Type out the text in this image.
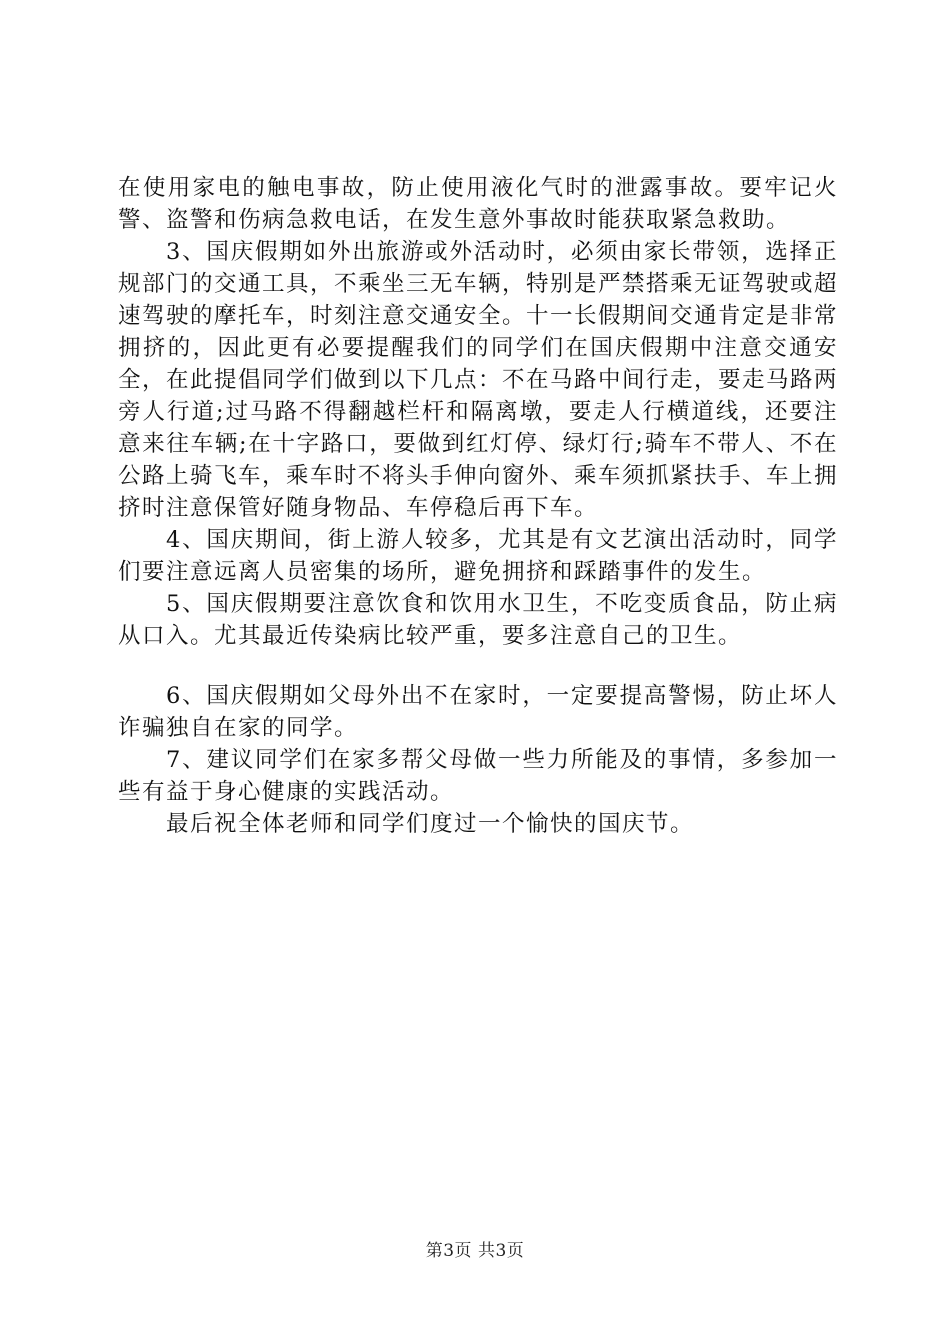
在使用家电的触电事故，防止使用液化气时的泄露事故。要牢记火警、盗警和伤病急救电话，在发生意外事故时能获取紧急救助。

3、国庆假期如外出旅游或外活动时，必须由家长带领，选择正规部门的交通工具，不乘坐三无车辆，特别是严禁搭乘无证驾驶或超速驾驶的摩托车，时刻注意交通安全。十一长假期间交通肯定是非常拥挤的，因此更有必要提醒我们的同学们在国庆假期中注意交通安全，在此提倡同学们做到以下几点：不在马路中间行走，要走马路两旁人行道;过马路不得翻越栏杆和隔离墩，要走人行横道线，还要注意来往车辆;在十字路口，要做到红灯停、绿灯行;骑车不带人、不在公路上骑飞车，乘车时不将头手伸向窗外、乘车须抓紧扶手、车上拥挤时注意保管好随身物品、车停稳后再下车。

4、国庆期间，街上游人较多，尤其是有文艺演出活动时，同学们要注意远离人员密集的场所，避免拥挤和踩踏事件的发生。

5、国庆假期要注意饮食和饮用水卫生，不吃变质食品，防止病从口入。尤其最近传染病比较严重，要多注意自己的卫生。

6、国庆假期如父母外出不在家时，一定要提高警惕，防止坏人诈骗独自在家的同学。

7、建议同学们在家多帮父母做一些力所能及的事情，多参加一些有益于身心健康的实践活动。

最后祝全体老师和同学们度过一个愉快的国庆节。

第3页 共3页
